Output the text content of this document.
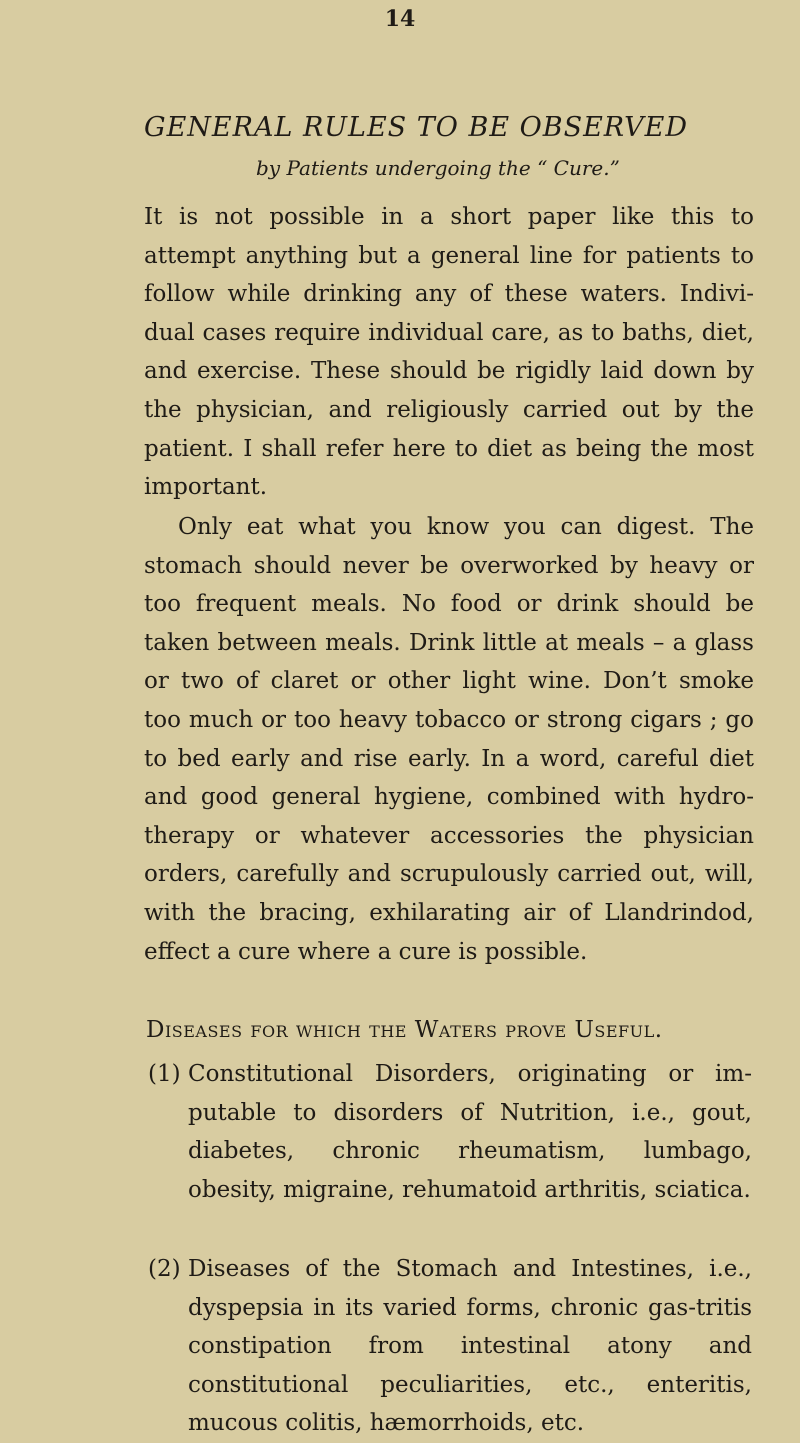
14
GENERAL RULES TO BE OBSERVED
by Patients undergoing the “ Cure.”

It is not possible in a short paper like this to attempt anything but a general line for patients to follow while drinking any of these waters. Indivi-dual cases require individual care, as to baths, diet, and exercise. These should be rigidly laid down by the physician, and religiously carried out by the patient. I shall refer here to diet as being the most important.

Only eat what you know you can digest. The stomach should never be overworked by heavy or too frequent meals. No food or drink should be taken between meals. Drink little at meals – a glass or two of claret or other light wine. Don’t smoke too much or too heavy tobacco or strong cigars ; go to bed early and rise early. In a word, careful diet and good general hygiene, combined with hydro-therapy or whatever accessories the physician orders, carefully and scrupulously carried out, will, with the bracing, exhilarating air of Llandrindod, effect a cure where a cure is possible.

Diseases for which the Waters prove Useful.
(1) Constitutional Disorders, originating or im-putable to disorders of Nutrition, i.e., gout, diabetes, chronic rheumatism, lumbago, obesity, migraine, rehumatoid arthritis, sciatica.
(2) Diseases of the Stomach and Intestines, i.e., dyspepsia in its varied forms, chronic gas-tritis constipation from intestinal atony and constitutional peculiarities, etc., enteritis, mucous colitis, hæmorrhoids, etc.
